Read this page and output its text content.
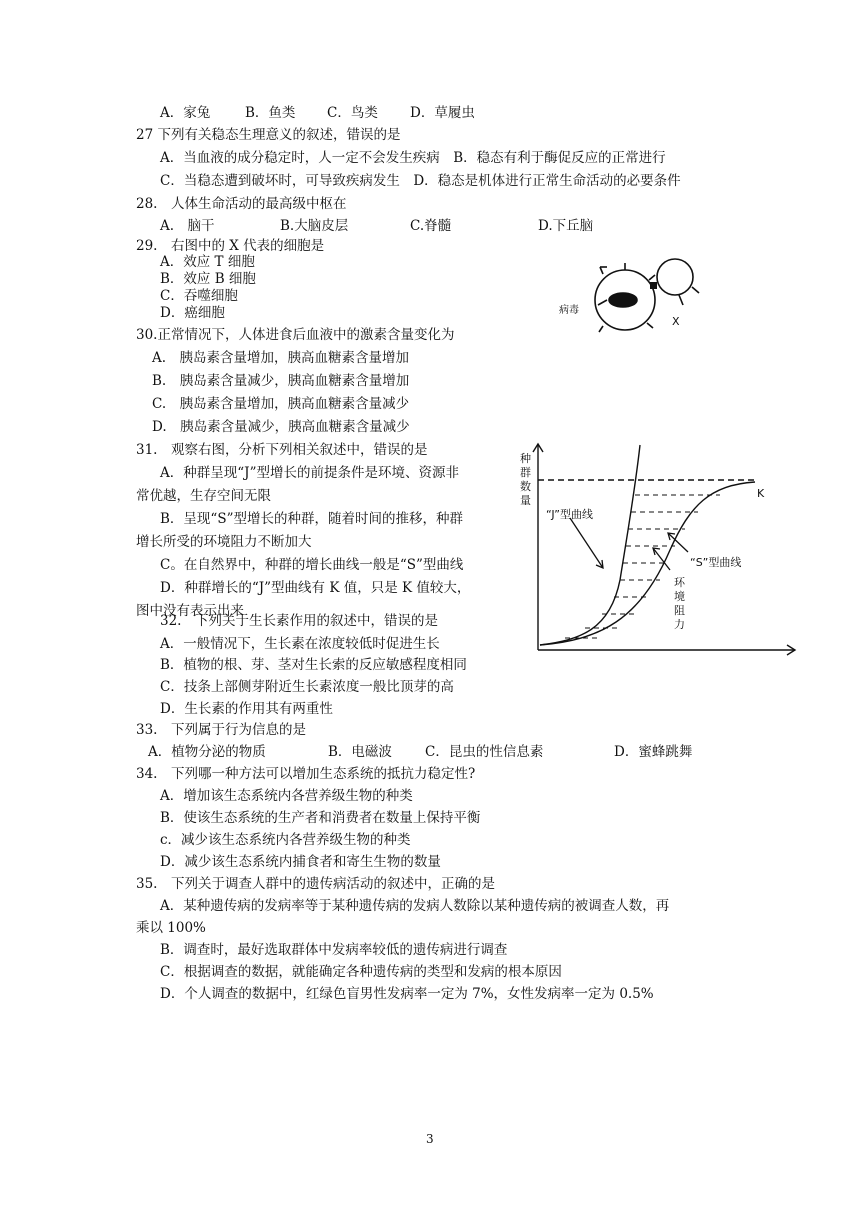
A．家兔	B．鱼类 C．鸟类 D．草履虫
27 下列有关稳态生理意义的叙述，错误的是
A．当血液的成分稳定时，人一定不会发生疾病　B．稳态有利于酶促反应的正常进行
C．当稳态遭到破坏时，可导致疾病发生　D．稳态是机体进行正常生命活动的必要条件
28.　人体生命活动的最高级中枢在
A.　脑干	B.大脑皮层	C.脊髓	D.下丘脑
29.　右图中的 X 代表的细胞是
A．效应 T 细胞
B．效应 B 细胞
C．吞噬细胞
D．癌细胞	病毒
X
30.正常情况下，人体进食后血液中的激素含量变化为
A.　胰岛素含量增加，胰高血糖素含量增加
B.　胰岛素含量减少，胰高血糖素含量增加
C.　胰岛素含量增加，胰高血糖素含量减少
D.　胰岛素含量减少，胰高血糖素含量减少
31.　观察右图，分析下列相关叙述中，错误的是
A．种群呈现“J”型增长的前提条件是环境、资源非
常优越，生存空间无限
B．呈现“S”型增长的种群，随着时间的推移，种群
增长所受的环境阻力不断加大
C。在自然界中，种群的增长曲线一般是“S”型曲线
D．种群增长的“J”型曲线有 K 值，只是 K 值较大，
图中没有表示出来
种
群
数
量
“J”型曲线
“S”型曲线
K
环
境
阻
力
32.　下列关于生长素作用的叙述中，错误的是
A．一般情况下，生长素在浓度较低时促进生长
B．植物的根、芽、茎对生长索的反应敏感程度相同
C．技条上部侧芽附近生长素浓度一般比顶芽的高
D．生长素的作用其有两重性
33.　下列属于行为信息的是
A．植物分泌的物质	B．电磁波 C．昆虫的性信息素	D．蜜蜂跳舞
34.　下列哪一种方法可以增加生态系统的抵抗力稳定性?
A．增加该生态系统内各营养级生物的种类
B．使该生态系统的生产者和消费者在数量上保持平衡
c．减少该生态系统内各营养级生物的种类
D．减少该生态系统内捕食者和寄生生物的数量
35.　下列关于调查人群中的遗传病活动的叙述中，正确的是
A．某种遗传病的发病率等于某种遗传病的发病人数除以某种遗传病的被调查人数，再
乘以 100%
B．调查时，最好选取群体中发病率较低的遗传病进行调查
C．根据调查的数据，就能确定各种遗传病的类型和发病的根本原因
D．个人调查的数据中，红绿色盲男性发病率一定为 7%，女性发病率一定为 0.5%
3
